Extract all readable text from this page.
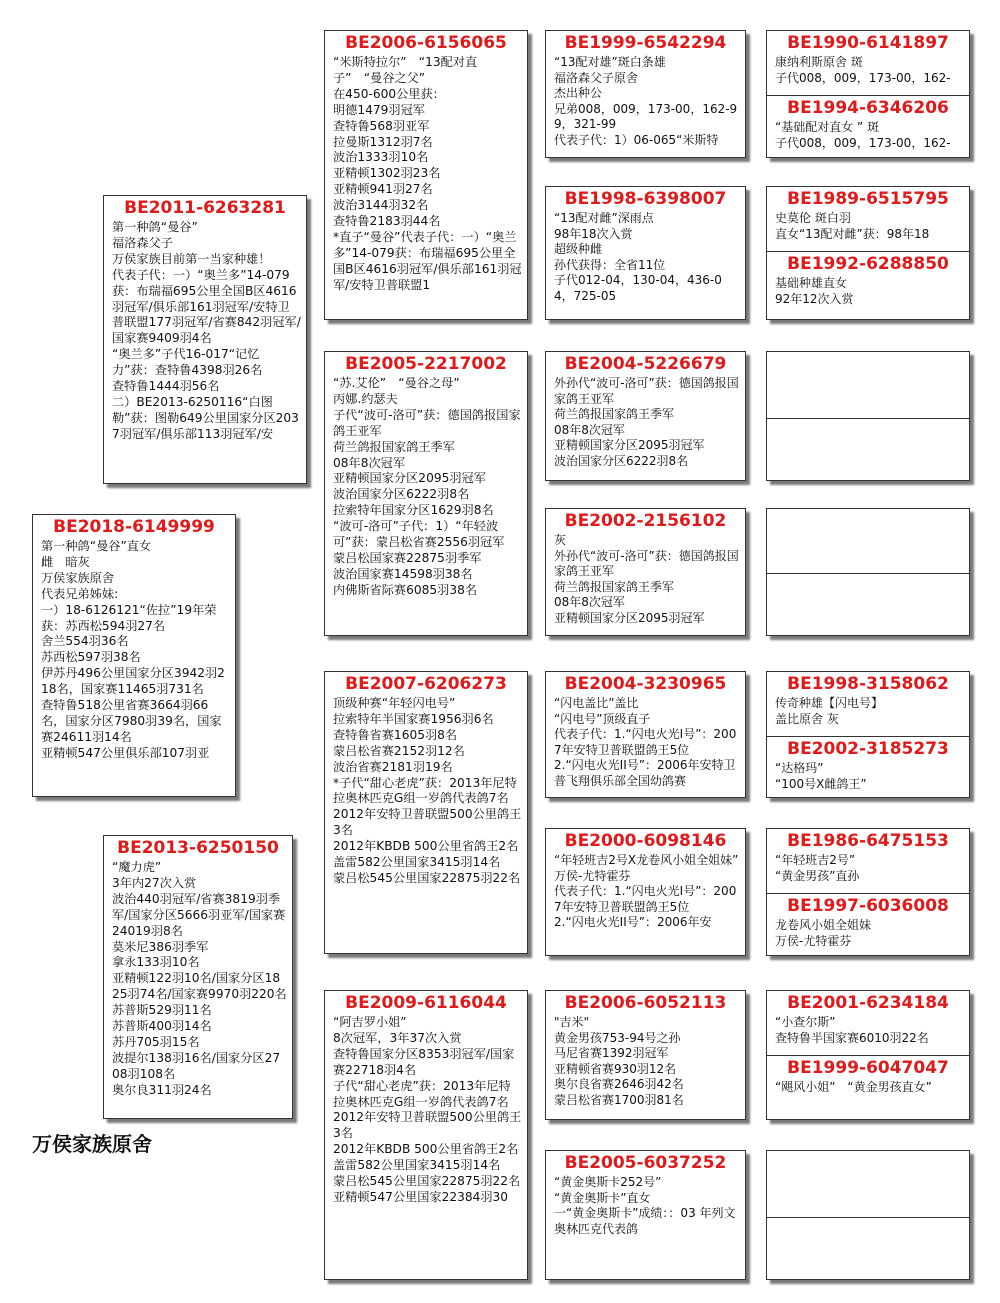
BE2018-6149999
第一种鸽“曼谷”直女
雌　暗灰
万侯家族原舍
代表兄弟姊妹:
一）18-6126121“佐拉”19年荣获：苏西松594羽27名
舍兰554羽36名
苏西松597羽38名
伊苏丹496公里国家分区3942羽218名，国家赛11465羽731名
查特鲁518公里省赛3664羽66名，国家分区7980羽39名，国家赛24611羽14名
亚精顿547公里俱乐部107羽亚
BE2011-6263281
第一种鸽“曼谷”
福洛森父子
万侯家族目前第一当家种雄！
代表子代：一）“奥兰多”14-079获：布瑞福695公里全国B区4616羽冠军/俱乐部161羽冠军/安特卫普联盟177羽冠军/省赛842羽冠军/国家赛9409羽4名
“奥兰多”子代16-017“记忆力”获：查特鲁4398羽26名
查特鲁1444羽56名
二）BE2013-6250116“白图勒”获：图勒649公里国家分区2037羽冠军/俱乐部113羽冠军/安
BE2013-6250150
“魔力虎”
3年内27次入赏
波治440羽冠军/省赛3819羽季军/国家分区5666羽亚军/国家赛24019羽8名
莫米尼386羽季军
拿永133羽10名
亚精顿122羽10名/国家分区1825羽74名/国家赛9970羽220名
苏普斯529羽11名
苏普斯400羽14名
苏丹705羽15名
波提尔138羽16名/国家分区2708羽108名
奥尔良311羽24名
BE2006-6156065
“米斯特拉尔”　“13配对直子”　“曼谷之父”
在450-600公里获：
明德1479羽冠军
查特鲁568羽亚军
拉曼斯1312羽7名
波治1333羽10名
亚精顿1302羽23名
亚精顿941羽27名
波治3144羽32名
查特鲁2183羽44名
*直子“曼谷”代表子代：一）“奥兰多”14-079获：布瑞福695公里全国B区4616羽冠军/俱乐部161羽冠军/安特卫普联盟1
BE2005-2217002
“苏.艾伦”　“曼谷之母”
丙娜.约瑟夫
子代“波可-洛可”获：德国鸽报国家鸽王亚军
荷兰鸽报国家鸽王季军
08年8次冠军
亚精顿国家分区2095羽冠军
波治国家分区6222羽8名
拉索特年国家分区1629羽8名
“波可-洛可”子代：1）“年轻波可”获：蒙吕松省赛2556羽冠军
蒙吕松国家赛22875羽季军
波治国家赛14598羽38名
内佛斯省际赛6085羽38名
BE2007-6206273
顶级种赛“年轻闪电号”
拉索特年半国家赛1956羽6名
查特鲁省赛1605羽8名
蒙吕松省赛2152羽12名
波治省赛2181羽19名
*子代“甜心老虎”获：2013年尼特拉奥林匹克G组一岁鸽代表鸽7名
2012年安特卫普联盟500公里鸽王3名
2012年KBDB 500公里省鸽王2名
盖雷582公里国家3415羽14名
蒙吕松545公里国家22875羽22名
BE2009-6116044
“阿吉罗小姐”
8次冠军，3年37次入赏
查特鲁国家分区8353羽冠军/国家赛22718羽4名
子代“甜心老虎”获：2013年尼特拉奥林匹克G组一岁鸽代表鸽7名
2012年安特卫普联盟500公里鸽王3名
2012年KBDB 500公里省鸽王2名
盖雷582公里国家3415羽14名
蒙吕松545公里国家22875羽22名
亚精顿547公里国家22384羽30
BE1999-6542294
“13配对雄”斑白条雄
福洛森父子原舍
杰出种公
兄弟008，009，173-00，162-99，321-99
代表子代：1）06-065“米斯特
BE1998-6398007
“13配对雌”深雨点
98年18次入赏
超级种雌
孙代获得：全省11位
子代012-04，130-04，436-04，725-05
BE2004-5226679
外孙代“波可-洛可”获：德国鸽报国家鸽王亚军
荷兰鸽报国家鸽王季军
08年8次冠军
亚精顿国家分区2095羽冠军
波治国家分区6222羽8名
BE2002-2156102
灰
外孙代“波可-洛可”获：德国鸽报国家鸽王亚军
荷兰鸽报国家鸽王季军
08年8次冠军
亚精顿国家分区2095羽冠军
BE2004-3230965
“闪电盖比”盖比
“闪电号”顶级直子
代表子代：1.“闪电火光I号”：2007年安特卫普联盟鸽王5位
2.“闪电火光II号”：2006年安特卫普飞翔俱乐部全国幼鸽赛
BE2000-6098146
“年轻班吉2号X龙卷风小姐全姐妹”
万侯-尤特霍芬
代表子代：1.“闪电火光I号”：2007年安特卫普联盟鸽王5位
2.“闪电火光II号”：2006年安
BE2006-6052113
"吉米"
黄金男孩753-94号之孙
马尼省赛1392羽冠军
亚精顿省赛930羽12名
奥尔良省赛2646羽42名
蒙吕松省赛1700羽81名
BE2005-6037252
“黄金奥斯卡252号”
“黄金奥斯卡”直女
一“黄金奥斯卡”成绩：：03 年列文奥林匹克代表鸽
BE1990-6141897
康纳利斯原舍 斑
子代008，009，173-00，162-
BE1994-6346206
“基础配对直女 ” 斑
子代008，009，173-00，162-
BE1989-6515795
史莫伦 斑白羽
直女“13配对雌”获：98年18
BE1992-6288850
基础种雄直女
92年12次入赏
BE1998-3158062
传奇种雄【闪电号】
盖比原舍 灰
BE2002-3185273
“达格玛”
“100号X雌鸽王”
BE1986-6475153
“年轻班吉2号”
“黄金男孩”直孙
BE1997-6036008
龙卷风小姐全姐妹
万侯-尤特霍芬
BE2001-6234184
“小查尔斯”
查特鲁半国家赛6010羽22名
BE1999-6047047
“飓风小姐”　“黄金男孩直女”
万侯家族原舍
